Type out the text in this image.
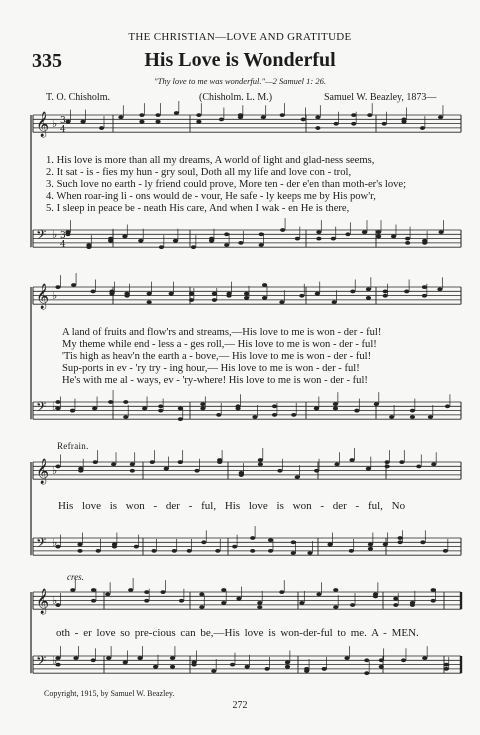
THE CHRISTIAN—LOVE AND GRATITUDE
335	His Love is Wonderful
"Thy love to me was wonderful."—2 Samuel 1: 26.
T. O. Chisholm.	(Chisholm. L. M.)	Samuel W. Beazley, 1873—
𝄞 ♭ 3
4
𝄢 ♭ 3
4
𝄞 ♭
𝄢 ♭
𝄞 ♭
𝄢 ♭
𝄞 ♭
𝄢 ♭
1. His love is more than all my dreams, A world of light and glad-ness seems,
2. It sat - is - fies my hun - gry soul, Doth all my life and love con - trol,
3. Such love no earth - ly friend could prove, More ten - der e'en than moth-er's love;
4. When roar-ing li - ons would de - vour, He safe - ly keeps me by His pow'r,
5. I sleep in peace be - neath His care, And when I wak - en He is there,
A land of fruits and flow'rs and streams,—His love to me is won - der - ful!
My theme while end - less a - ges roll,— His love to me is won - der - ful!
'Tis high as heav'n the earth a - bove,— His love to me is won - der - ful!
Sup-ports in ev - 'ry try - ing hour,— His love to me is won - der - ful!
He's with me al - ways, ev - 'ry-where! His love to me is won - der - ful!
Refrain.
His love is won - der - ful, His love is won - der - ful, No
cres.
oth - er love so pre-cious can be,—His love is won-der-ful to me. A - MEN.
Copyright, 1915, by Samuel W. Beazley.
272
